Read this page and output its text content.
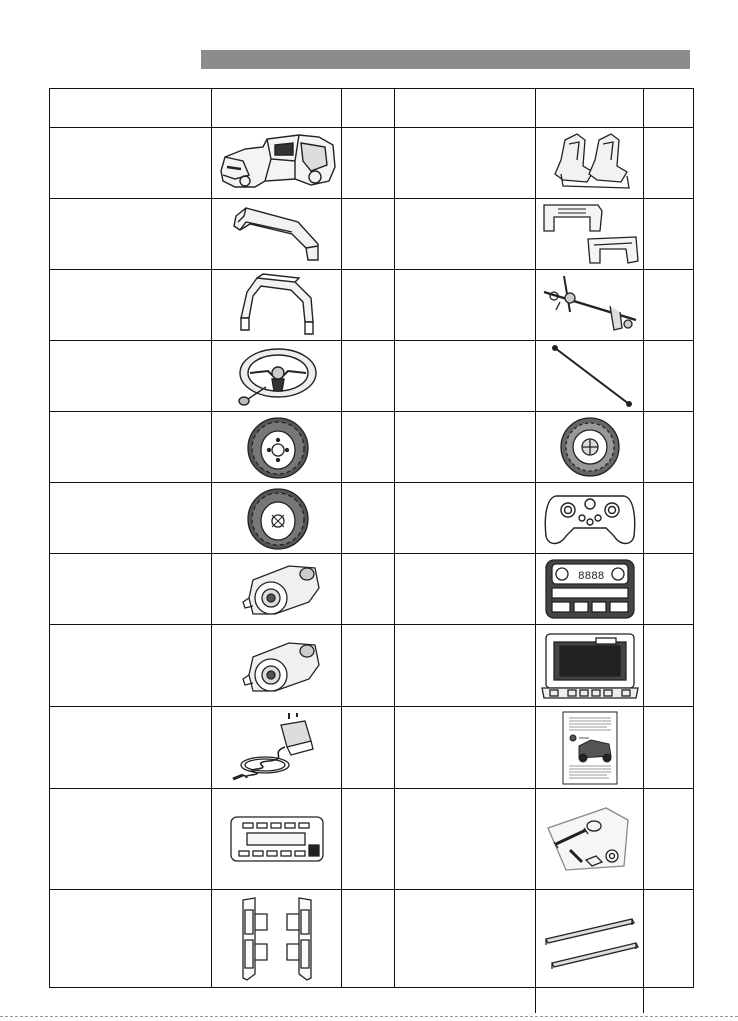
8888
